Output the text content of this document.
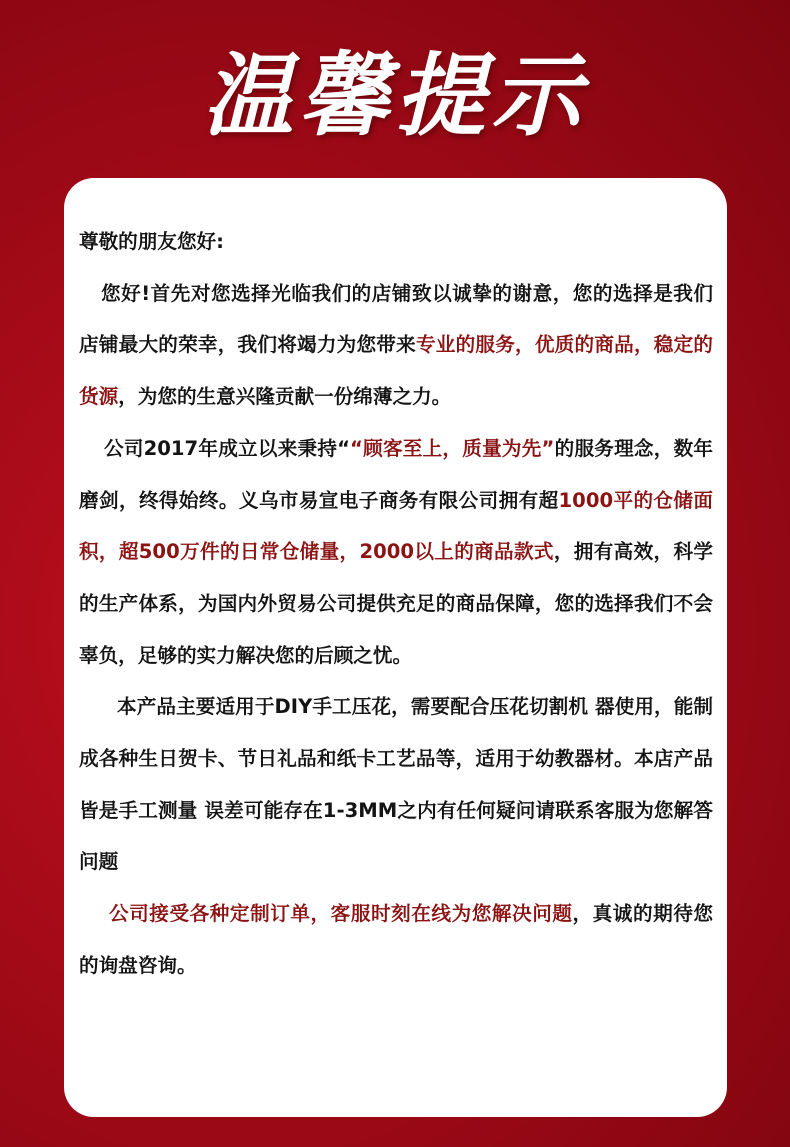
温馨提示

尊敬的朋友您好:

您好!首先对您选择光临我们的店铺致以诚挚的谢意，您的选择是我们店铺最大的荣幸，我们将竭力为您带来专业的服务，优质的商品，稳定的货源，为您的生意兴隆贡献一份绵薄之力。

公司2017年成立以来秉持““顾客至上，质量为先”的服务理念，数年磨剑，终得始终。义乌市易宣电子商务有限公司拥有超1000平的仓储面积，超500万件的日常仓储量，2000以上的商品款式，拥有高效，科学的生产体系，为国内外贸易公司提供充足的商品保障，您的选择我们不会辜负，足够的实力解决您的后顾之忧。

本产品主要适用于DIY手工压花，需要配合压花切割机 器使用，能制成各种生日贺卡、节日礼品和纸卡工艺品等，适用于幼教器材。本店产品皆是手工测量 误差可能存在1-3MM之内有任何疑问请联系客服为您解答问题

公司接受各种定制订单，客服时刻在线为您解决问题，真诚的期待您的询盘咨询。
